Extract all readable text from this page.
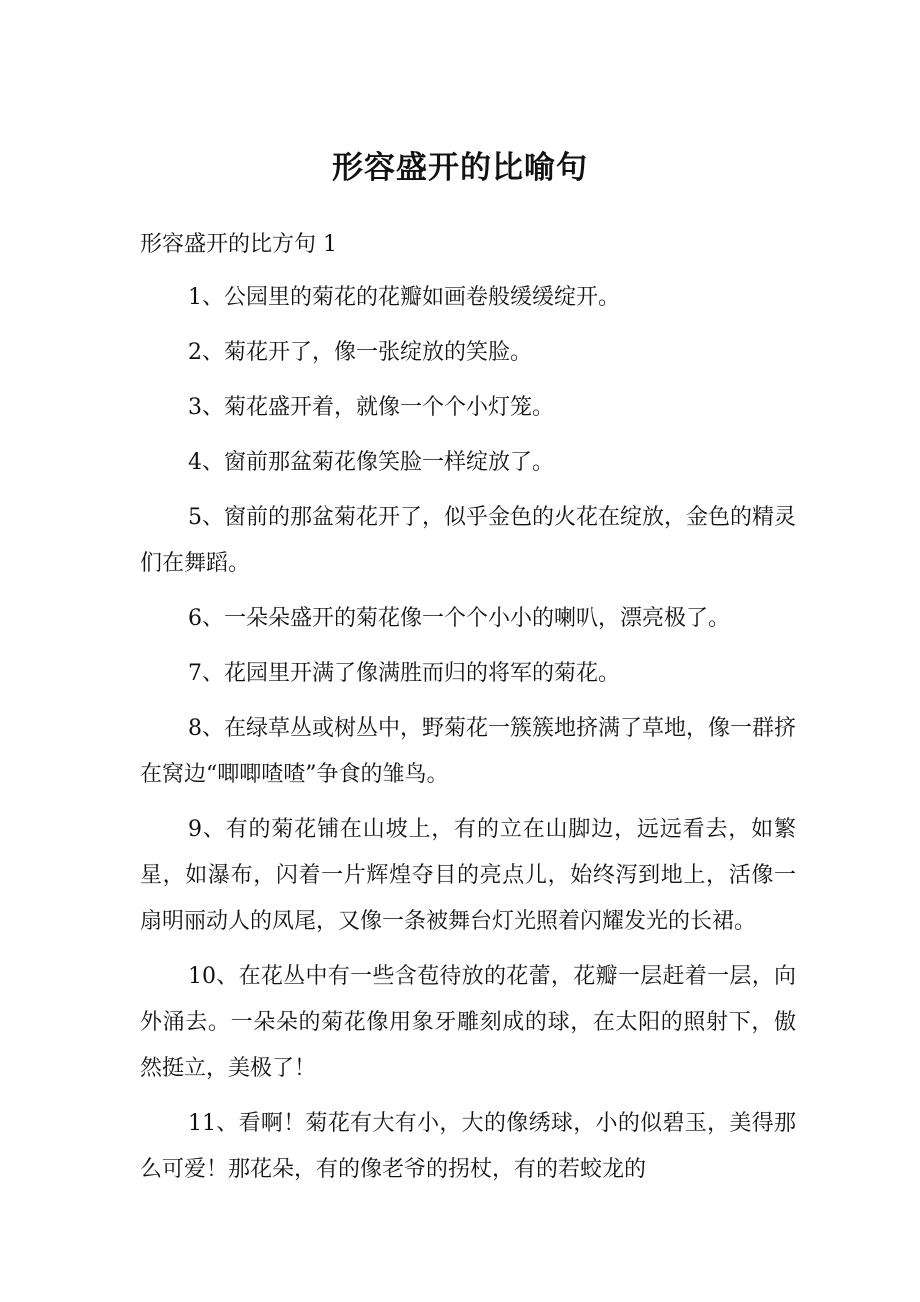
形容盛开的比喻句
形容盛开的比方句 1

1、公园里的菊花的花瓣如画卷般缓缓绽开。

2、菊花开了，像一张绽放的笑脸。

3、菊花盛开着，就像一个个小灯笼。

4、窗前那盆菊花像笑脸一样绽放了。

5、窗前的那盆菊花开了，似乎金色的火花在绽放，金色的精灵们在舞蹈。

6、一朵朵盛开的菊花像一个个小小的喇叭，漂亮极了。

7、花园里开满了像满胜而归的将军的菊花。

8、在绿草丛或树丛中，野菊花一簇簇地挤满了草地，像一群挤在窝边“唧唧喳喳”争食的雏鸟。

9、有的菊花铺在山坡上，有的立在山脚边，远远看去，如繁星，如瀑布，闪着一片辉煌夺目的亮点儿，始终泻到地上，活像一扇明丽动人的凤尾，又像一条被舞台灯光照着闪耀发光的长裙。

10、在花丛中有一些含苞待放的花蕾，花瓣一层赶着一层，向外涌去。一朵朵的菊花像用象牙雕刻成的球，在太阳的照射下，傲然挺立，美极了！

11、看啊！菊花有大有小，大的像绣球，小的似碧玉，美得那么可爱！那花朵，有的像老爷的拐杖，有的若蛟龙的
